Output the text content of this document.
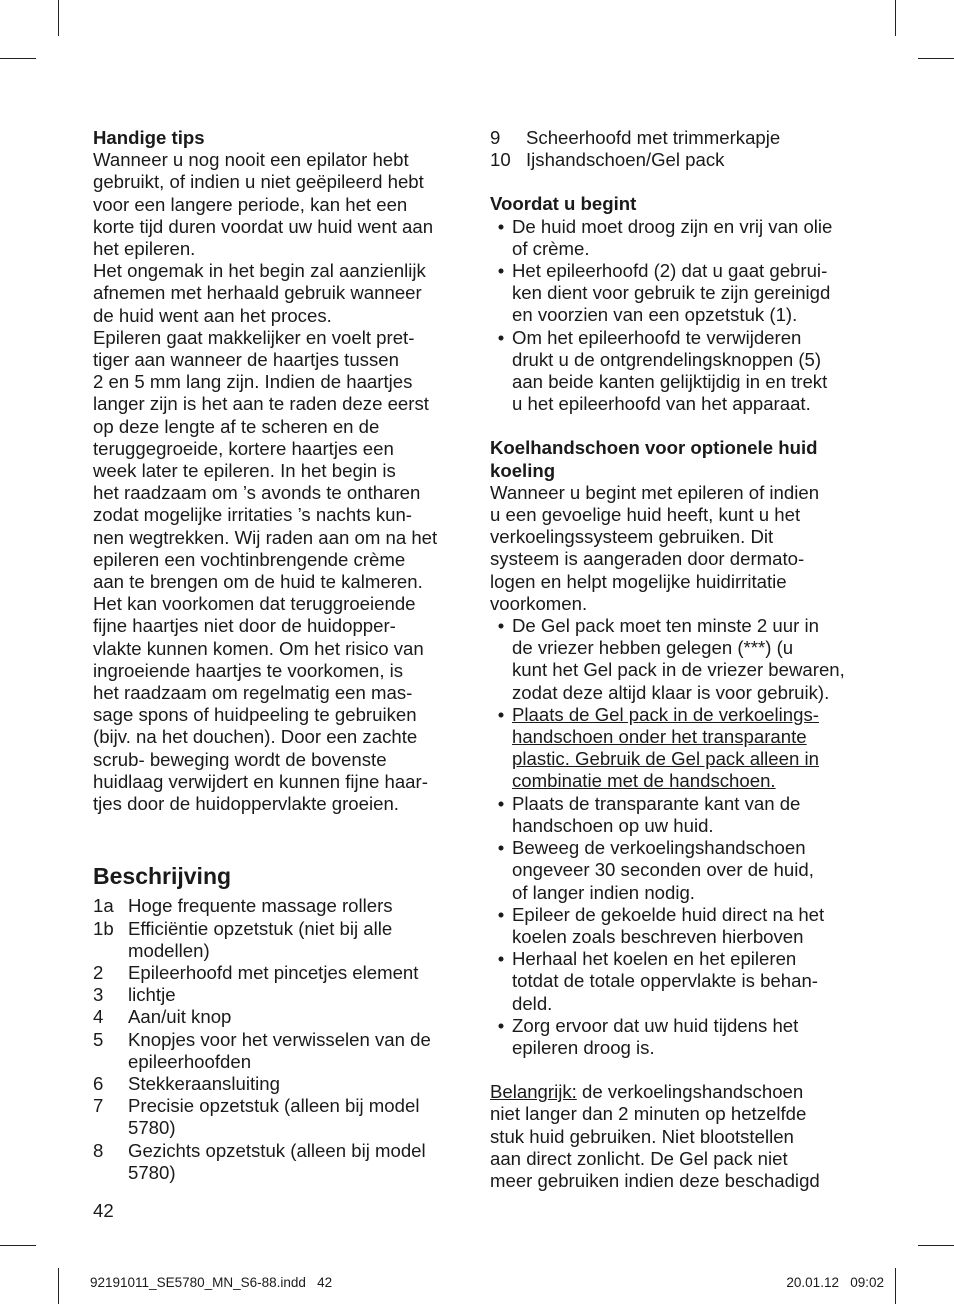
Handige tips
Wanneer u nog nooit een epilator hebt
gebruikt, of indien u niet geëpileerd hebt
voor een langere periode, kan het een
korte tijd duren voordat uw huid went aan
het epileren.
Het ongemak in het begin zal aanzienlijk
afnemen met herhaald gebruik wanneer
de huid went aan het proces.
Epileren gaat makkelijker en voelt pret-
tiger aan wanneer de haartjes tussen
2 en 5 mm lang zijn. Indien de haartjes
langer zijn is het aan te raden deze eerst
op deze lengte af te scheren en de
teruggegroeide, kortere haartjes een
week later te epileren. In het begin is
het raadzaam om ’s avonds te ontharen
zodat mogelijke irritaties ’s nachts kun-
nen wegtrekken. Wij raden aan om na het
epileren een vochtinbrengende crème
aan te brengen om de huid te kalmeren.
Het kan voorkomen dat teruggroeiende
fijne haartjes niet door de huidopper-
vlakte kunnen komen. Om het risico van
ingroeiende haartjes te voorkomen, is
het raadzaam om regelmatig een mas-
sage spons of huidpeeling te gebruiken
(bijv. na het douchen). Door een zachte
scrub- beweging wordt de bovenste
huidlaag verwijdert en kunnen fijne haar-
tjes door de huidoppervlakte groeien.
Beschrijving
1a Hoge frequente massage rollers
1b Efficiëntie opzetstuk (niet bij alle
modellen)
2	Epileerhoofd met pincetjes element
3	lichtje
4	Aan/uit knop
5	Knopjes voor het verwisselen van de
epileerhoofden
6	Stekkeraansluiting
7	Precisie opzetstuk (alleen bij model
5780)
8	Gezichts opzetstuk (alleen bij model
5780)
9	Scheerhoofd met trimmerkapje
10 Ijshandschoen/Gel pack
Voordat u begint
• De huid moet droog zijn en vrij van olie
of crème.
• Het epileerhoofd (2) dat u gaat gebrui-
ken dient voor gebruik te zijn gereinigd
en voorzien van een opzetstuk (1).
• Om het epileerhoofd te verwijderen
drukt u de ontgrendelingsknoppen (5)
aan beide kanten gelijktijdig in en trekt
u het epileerhoofd van het apparaat.
Koelhandschoen voor optionele huid
koeling
Wanneer u begint met epileren of indien
u een gevoelige huid heeft, kunt u het
verkoelingssysteem gebruiken. Dit
systeem is aangeraden door dermato-
logen en helpt mogelijke huidirritatie
voorkomen.
• De Gel pack moet ten minste 2 uur in
de vriezer hebben gelegen (***) (u
kunt het Gel pack in de vriezer bewaren,
zodat deze altijd klaar is voor gebruik).
• Plaats de Gel pack in de verkoelings-
handschoen onder het transparante
plastic. Gebruik de Gel pack alleen in
combinatie met de handschoen.
• Plaats de transparante kant van de
handschoen op uw huid.
• Beweeg de verkoelingshandschoen
ongeveer 30 seconden over de huid,
of langer indien nodig.
• Epileer de gekoelde huid direct na het
koelen zoals beschreven hierboven
• Herhaal het koelen en het epileren
totdat de totale oppervlakte is behan-
deld.
• Zorg ervoor dat uw huid tijdens het
epileren droog is.
Belangrijk: de verkoelingshandschoen
niet langer dan 2 minuten op hetzelfde
stuk huid gebruiken. Niet blootstellen
aan direct zonlicht. De Gel pack niet
meer gebruiken indien deze beschadigd
42
92191011_SE5780_MN_S6-88.indd   42	20.01.12   09:02
